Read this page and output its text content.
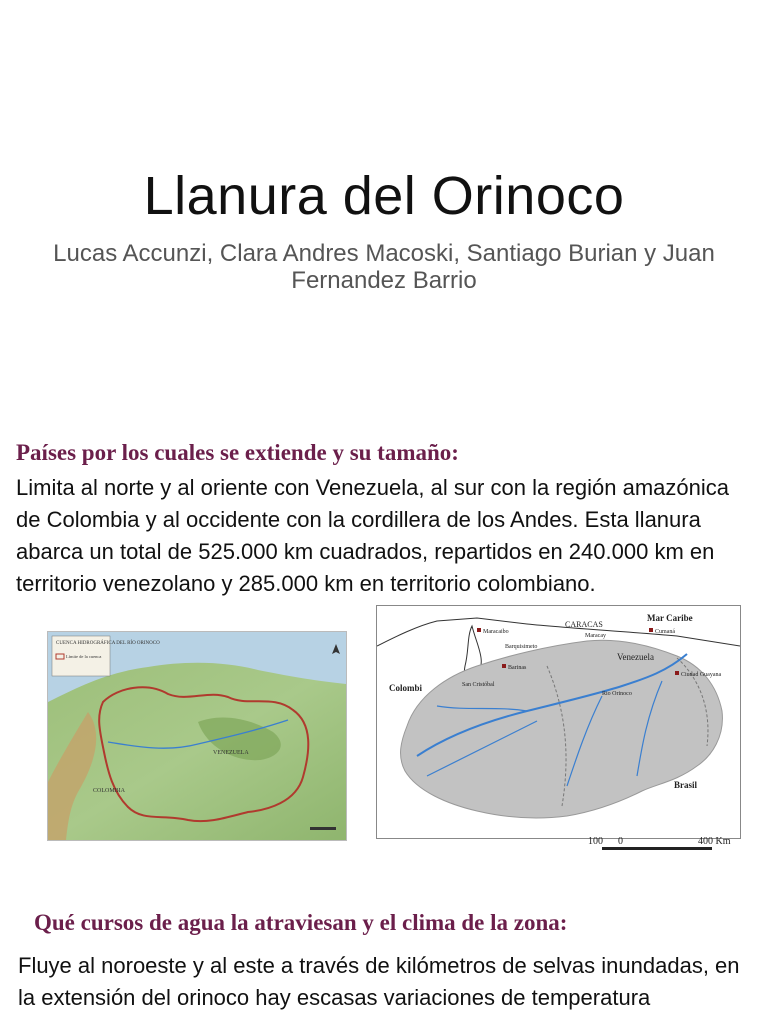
Llanura del Orinoco
Lucas Accunzi, Clara Andres Macoski, Santiago Burian y Juan Fernandez Barrio
Países por los cuales se extiende y su tamaño:
Limita al norte y al oriente con Venezuela, al sur con la región amazónica de Colombia y al occidente con la cordillera de los Andes. Esta llanura abarca un total de 525.000 km cuadrados, repartidos en 240.000 km en territorio venezolano y 285.000 km en territorio colombiano.
CUENCA HIDROGRÁFICA DEL RÍO ORINOCO
Límite de la cuenca
VENEZUELA
COLOMBIA
Mar Caribe
CARACAS
Maracaibo
Maracay
Cumaná
Barquisimeto
Venezuela
Barinas
San Cristóbal
Colombi
Ciudad Guayana
Rio Orinoco
Brasil
100 0	400 Km
Qué cursos de agua la atraviesan y el clima de la zona:
Fluye al noroeste y al este a través de kilómetros de selvas inundadas, en la extensión del orinoco hay escasas variaciones de temperatura
